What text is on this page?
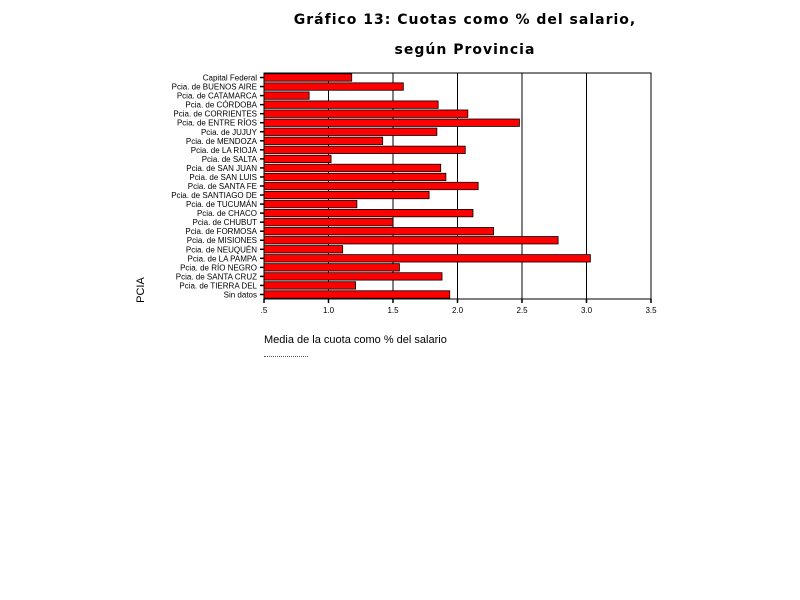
Gráfico 13: Cuotas como % del salario,
según Provincia
Capital Federal
Pcia. de BUENOS AIRE
Pcia. de CATAMARCA
Pcia. de CÓRDOBA
Pcia. de CORRIENTES
Pcia. de ENTRE RÍOS
Pcia. de JUJUY
Pcia. de MENDOZA
Pcia. de LA RIOJA
Pcia. de SALTA
Pcia. de SAN JUAN
Pcia. de SAN LUIS
Pcia. de SANTA FE
Pcia. de SANTIAGO DE
Pcia. de TUCUMÁN
Pcia. de CHACO
Pcia. de CHUBUT
Pcia. de FORMOSA
Pcia. de MISIONES
Pcia. de NEUQUÉN
Pcia. de LA PAMPA
Pcia. de RÍO NEGRO
Pcia. de SANTA CRUZ
Pcia. de TIERRA DEL
Sin datos
.5	1.0	1.5	2.0	2.5	3.0	3.5
PCIA
Media de la cuota como % del salario
